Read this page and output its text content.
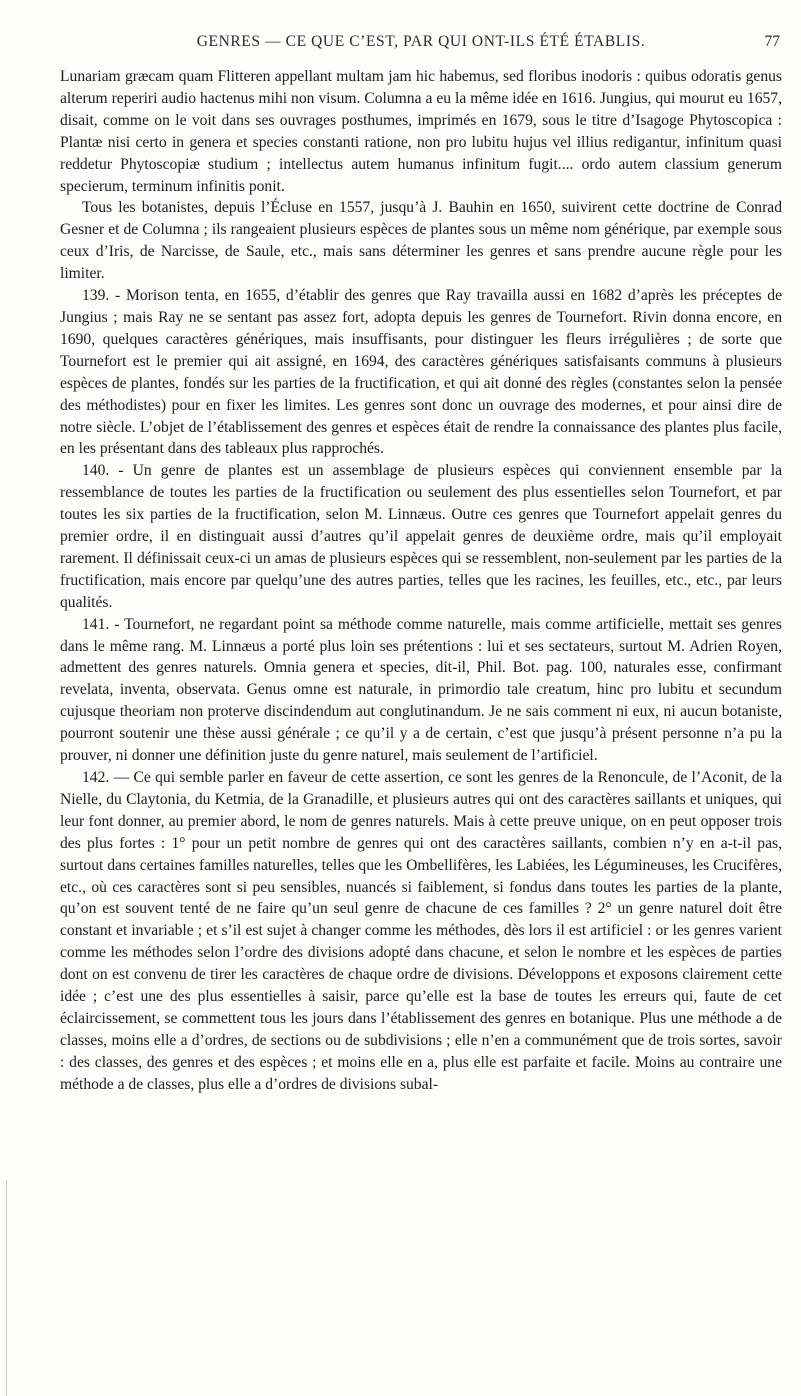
GENRES — CE QUE C’EST, PAR QUI ONT-ILS ÉTÉ ÉTABLIS.	77

Lunariam græcam quam Flitteren appellant multam jam hic habemus, sed floribus inodoris : quibus odoratis genus alterum reperiri audio hactenus mihi non visum. Columna a eu la même idée en 1616. Jungius, qui mourut eu 1657, disait, comme on le voit dans ses ouvrages posthumes, imprimés en 1679, sous le titre d’Isagoge Phytoscopica : Plantæ nisi certo in genera et species constanti ratione, non pro lubitu hujus vel illius redigantur, infinitum quasi reddetur Phytoscopiæ studium ; intellectus autem humanus infinitum fugit.... ordo autem classium generum specierum, terminum infinitis ponit.

Tous les botanistes, depuis l’Écluse en 1557, jusqu’à J. Bauhin en 1650, suivirent cette doctrine de Conrad Gesner et de Columna ; ils rangeaient plusieurs espèces de plantes sous un même nom générique, par exemple sous ceux d’Iris, de Narcisse, de Saule, etc., mais sans déterminer les genres et sans prendre aucune règle pour les limiter.

139. - Morison tenta, en 1655, d’établir des genres que Ray travailla aussi en 1682 d’après les préceptes de Jungius ; mais Ray ne se sentant pas assez fort, adopta depuis les genres de Tournefort. Rivin donna encore, en 1690, quelques caractères génériques, mais insuffisants, pour distinguer les fleurs irrégulières ; de sorte que Tournefort est le premier qui ait assigné, en 1694, des caractères génériques satisfaisants communs à plusieurs espèces de plantes, fondés sur les parties de la fructification, et qui ait donné des règles (constantes selon la pensée des méthodistes) pour en fixer les limites. Les genres sont donc un ouvrage des modernes, et pour ainsi dire de notre siècle. L’objet de l’établissement des genres et espèces était de rendre la connaissance des plantes plus facile, en les présentant dans des tableaux plus rapprochés.

140. - Un genre de plantes est un assemblage de plusieurs espèces qui conviennent ensemble par la ressemblance de toutes les parties de la fructification ou seulement des plus essentielles selon Tournefort, et par toutes les six parties de la fructification, selon M. Linnæus. Outre ces genres que Tournefort appelait genres du premier ordre, il en distinguait aussi d’autres qu’il appelait genres de deuxième ordre, mais qu’il employait rarement. Il définissait ceux-ci un amas de plusieurs espèces qui se ressemblent, non-seulement par les parties de la fructification, mais encore par quelqu’une des autres parties, telles que les racines, les feuilles, etc., etc., par leurs qualités.

141. - Tournefort, ne regardant point sa méthode comme naturelle, mais comme artificielle, mettait ses genres dans le même rang. M. Linnæus a porté plus loin ses prétentions : lui et ses sectateurs, surtout M. Adrien Royen, admettent des genres naturels. Omnia genera et species, dit-il, Phil. Bot. pag. 100, naturales esse, confirmant revelata, inventa, observata. Genus omne est naturale, in primordio tale creatum, hinc pro lubitu et secundum cujusque theoriam non proterve discindendum aut conglutinandum. Je ne sais comment ni eux, ni aucun botaniste, pourront soutenir une thèse aussi générale ; ce qu’il y a de certain, c’est que jusqu’à présent personne n’a pu la prouver, ni donner une définition juste du genre naturel, mais seulement de l’artificiel.

142. — Ce qui semble parler en faveur de cette assertion, ce sont les genres de la Renoncule, de l’Aconit, de la Nielle, du Claytonia, du Ketmia, de la Granadille, et plusieurs autres qui ont des caractères saillants et uniques, qui leur font donner, au premier abord, le nom de genres naturels. Mais à cette preuve unique, on en peut opposer trois des plus fortes : 1° pour un petit nombre de genres qui ont des caractères saillants, combien n’y en a-t-il pas, surtout dans certaines familles naturelles, telles que les Ombellifères, les Labiées, les Légumineuses, les Crucifères, etc., où ces caractères sont si peu sensibles, nuancés si faiblement, si fondus dans toutes les parties de la plante, qu’on est souvent tenté de ne faire qu’un seul genre de chacune de ces familles ? 2° un genre naturel doit être constant et invariable ; et s’il est sujet à changer comme les méthodes, dès lors il est artificiel : or les genres varient comme les méthodes selon l’ordre des divisions adopté dans chacune, et selon le nombre et les espèces de parties dont on est convenu de tirer les caractères de chaque ordre de divisions. Développons et exposons clairement cette idée ; c’est une des plus essentielles à saisir, parce qu’elle est la base de toutes les erreurs qui, faute de cet éclaircissement, se commettent tous les jours dans l’établissement des genres en botanique. Plus une méthode a de classes, moins elle a d’ordres, de sections ou de subdivisions ; elle n’en a communément que de trois sortes, savoir : des classes, des genres et des espèces ; et moins elle en a, plus elle est parfaite et facile. Moins au contraire une méthode a de classes, plus elle a d’ordres de divisions subal-
